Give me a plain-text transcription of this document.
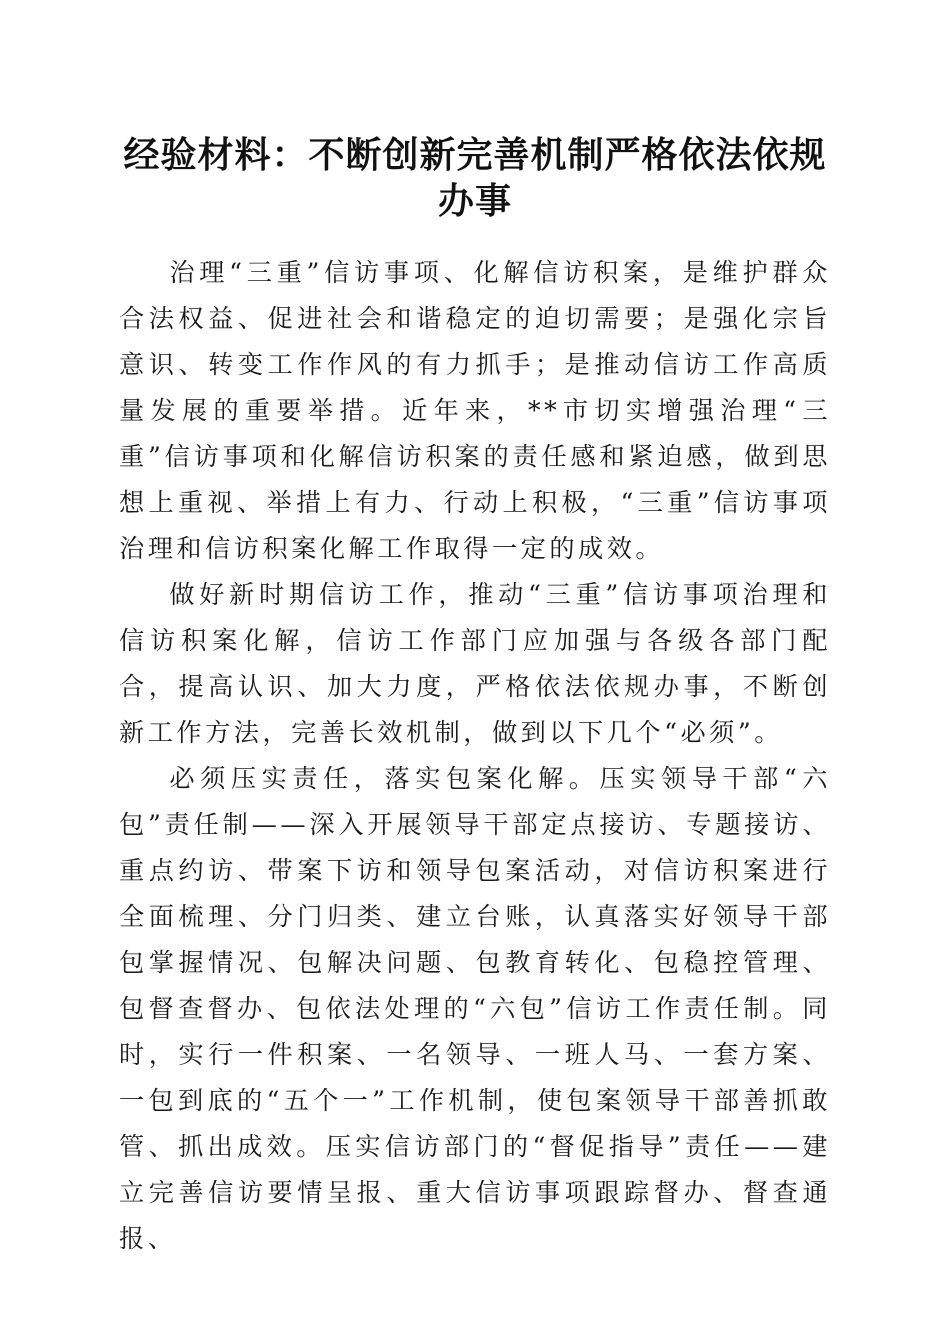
经验材料：不断创新完善机制严格依法依规办事

治理“三重”信访事项、化解信访积案，是维护群众合法权益、促进社会和谐稳定的迫切需要；是强化宗旨意识、转变工作作风的有力抓手；是推动信访工作高质量发展的重要举措。近年来，**市切实增强治理“三重”信访事项和化解信访积案的责任感和紧迫感，做到思想上重视、举措上有力、行动上积极，“三重”信访事项治理和信访积案化解工作取得一定的成效。

做好新时期信访工作，推动“三重”信访事项治理和信访积案化解，信访工作部门应加强与各级各部门配合，提高认识、加大力度，严格依法依规办事，不断创新工作方法，完善长效机制，做到以下几个“必须”。

必须压实责任，落实包案化解。压实领导干部“六包”责任制——深入开展领导干部定点接访、专题接访、重点约访、带案下访和领导包案活动，对信访积案进行全面梳理、分门归类、建立台账，认真落实好领导干部包掌握情况、包解决问题、包教育转化、包稳控管理、包督查督办、包依法处理的“六包”信访工作责任制。同时，实行一件积案、一名领导、一班人马、一套方案、一包到底的“五个一”工作机制，使包案领导干部善抓敢管、抓出成效。压实信访部门的“督促指导”责任——建立完善信访要情呈报、重大信访事项跟踪督办、督查通报、
